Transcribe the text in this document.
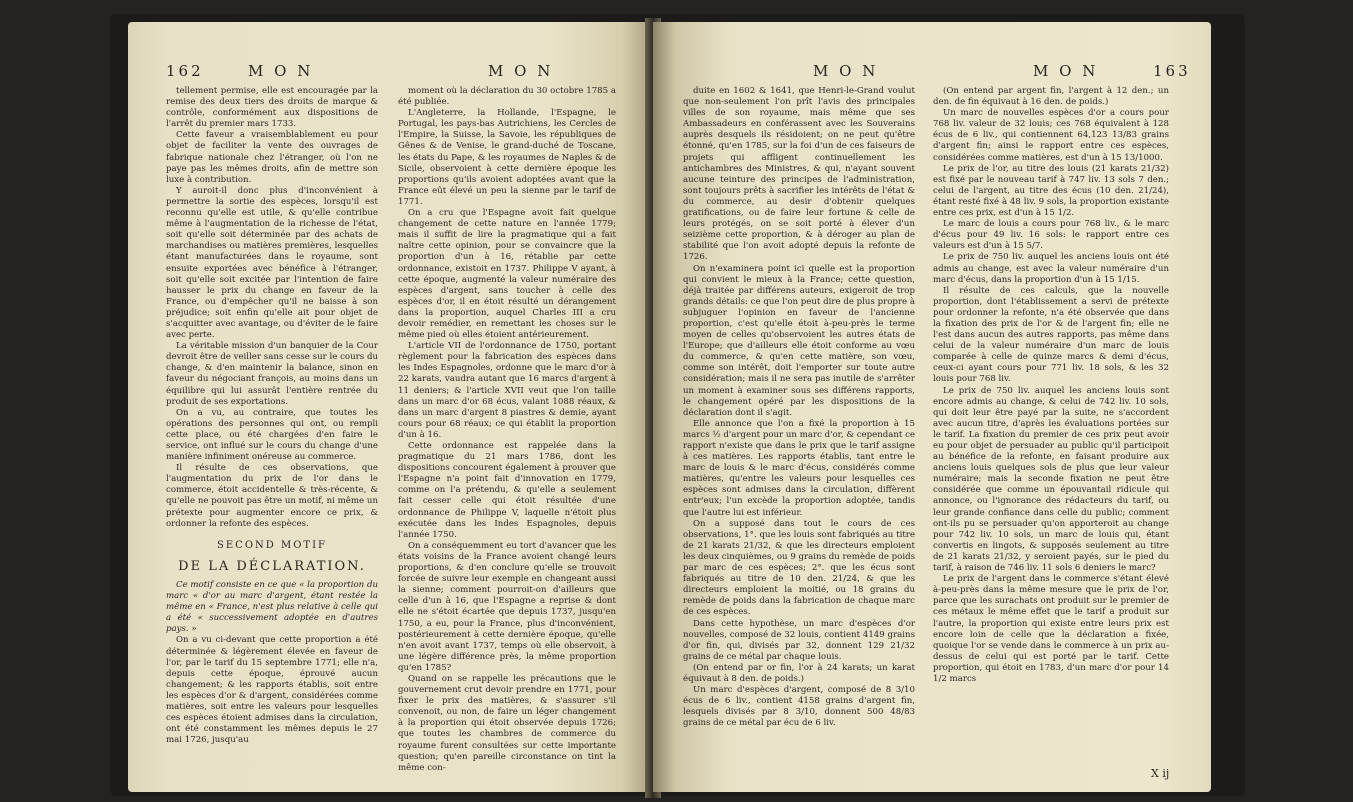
162	M O N	M O N

tellement permise, elle est encouragée par la remise des deux tiers des droits de marque & contrôle, conformément aux dispositions de l'arrêt du premier mars 1733.

Cette faveur a vraisemblablement eu pour objet de faciliter la vente des ouvrages de fabrique nationale chez l'étranger, où l'on ne paye pas les mêmes droits, afin de mettre son luxe à contribution.

Y auroit-il donc plus d'inconvénient à permettre la sortie des espèces, lorsqu'il est reconnu qu'elle est utile, & qu'elle contribue même à l'augmentation de la richesse de l'état, soit qu'elle soit déterminée par des achats de marchandises ou matières premières, lesquelles étant manufacturées dans le royaume, sont ensuite exportées avec bénéfice à l'étranger, soit qu'elle soit excitée par l'intention de faire hausser le prix du change en faveur de la France, ou d'empêcher qu'il ne baisse à son préjudice; soit enfin qu'elle ait pour objet de s'acquitter avec avantage, ou d'éviter de le faire avec perte.

La véritable mission d'un banquier de la Cour devroit être de veiller sans cesse sur le cours du change, & d'en maintenir la balance, sinon en faveur du négociant françois, au moins dans un équilibre qui lui assurât l'entière rentrée du produit de ses exportations.

On a vu, au contraire, que toutes les opérations des personnes qui ont, ou rempli cette place, ou été chargées d'en faire le service, ont influé sur le cours du change d'une manière infiniment onéreuse au commerce.

Il résulte de ces observations, que l'augmentation du prix de l'or dans le commerce, étoit accidentelle & très-récente, & qu'elle ne pouvoit pas être un motif, ni même un prétexte pour augmenter encore ce prix, & ordonner la refonte des espèces.

SECOND MOTIF

DE LA DÉCLARATION.

Ce motif consiste en ce que « la proportion du marc « d'or au marc d'argent, étant restée la même en « France, n'est plus relative à celle qui a été « successivement adoptée en d'autres pays. »

On a vu ci-devant que cette proportion a été déterminée & légèrement élevée en faveur de l'or, par le tarif du 15 septembre 1771; elle n'a, depuis cette époque, éprouvé aucun changement; & les rapports établis, soit entre les espèces d'or & d'argent, considérées comme matières, soit entre les valeurs pour lesquelles ces espèces étoient admises dans la circulation, ont été constamment les mêmes depuis le 27 mai 1726, jusqu'au

moment où la déclaration du 30 octobre 1785 a été publiée.

L'Angleterre, la Hollande, l'Espagne, le Portugal, les pays-bas Autrichiens, les Cercles de l'Empire, la Suisse, la Savoie, les républiques de Gênes & de Venise, le grand-duché de Toscane, les états du Pape, & les royaumes de Naples & de Sicile, observoient à cette dernière époque les proportions qu'ils avoient adoptées avant que la France eût élevé un peu la sienne par le tarif de 1771.

On a cru que l'Espagne avoit fait quelque changement de cette nature en l'année 1779; mais il suffit de lire la pragmatique qui a fait naître cette opinion, pour se convaincre que la proportion d'un à 16, rétablie par cette ordonnance, existoit en 1737. Philippe V ayant, à cette époque, augmenté la valeur numéraire des espèces d'argent, sans toucher à celle des espèces d'or, il en étoit résulté un dérangement dans la proportion, auquel Charles III a cru devoir remédier, en remettant les choses sur le même pied où elles étoient antérieurement.

L'article VII de l'ordonnance de 1750, portant règlement pour la fabrication des espèces dans les Indes Espagnoles, ordonne que le marc d'or à 22 karats, vaudra autant que 16 marcs d'argent à 11 deniers; & l'article XVII veut que l'on taille dans un marc d'or 68 écus, valant 1088 réaux, & dans un marc d'argent 8 piastres & demie, ayant cours pour 68 réaux; ce qui établit la proportion d'un à 16.

Cette ordonnance est rappelée dans la pragmatique du 21 mars 1786, dont les dispositions concourent également à prouver que l'Espagne n'a point fait d'innovation en 1779, comme on l'a prétendu, & qu'elle a seulement fait cesser celle qui étoit résultée d'une ordonnance de Philippe V, laquelle n'étoit plus exécutée dans les Indes Espagnoles, depuis l'année 1750.

On a conséquemment eu tort d'avancer que les états voisins de la France avoient changé leurs proportions, & d'en conclure qu'elle se trouvoit forcée de suivre leur exemple en changeant aussi la sienne; comment pourroit-on d'ailleurs que celle d'un à 16, que l'Espagne a reprise & dont elle ne s'étoit écartée que depuis 1737, jusqu'en 1750, a eu, pour la France, plus d'inconvénient, postérieurement à cette dernière époque, qu'elle n'en avoit avant 1737, temps où elle observoit, à une légère différence près, la même proportion qu'en 1785?

Quand on se rappelle les précautions que le gouvernement crut devoir prendre en 1771, pour fixer le prix des matières, & s'assurer s'il convenoit, ou non, de faire un léger changement à la proportion qui étoit observée depuis 1726; que toutes les chambres de commerce du royaume furent consultées sur cette importante question; qu'en pareille circonstance on tint la même con-

M O N	M O N	163

duite en 1602 & 1641, que Henri-le-Grand voulut que non-seulement l'on prît l'avis des principales villes de son royaume, mais même que ses Ambassadeurs en conférassent avec les Souverains auprès desquels ils résidoient; on ne peut qu'être étonné, qu'en 1785, sur la foi d'un de ces faiseurs de projets qui affligent continuellement les antichambres des Ministres, & qui, n'ayant souvent aucune teinture des principes de l'administration, sont toujours prêts à sacrifier les intérêts de l'état & du commerce, au desir d'obtenir quelques gratifications, ou de faire leur fortune & celle de leurs protégés, on se soit porté à élever d'un seizième cette proportion, & à déroger au plan de stabilité que l'on avoit adopté depuis la refonte de 1726.

On n'examinera point ici quelle est la proportion qui convient le mieux à la France; cette question, déjà traitée par différens auteurs, exigeroit de trop grands détails: ce que l'on peut dire de plus propre à subjuguer l'opinion en faveur de l'ancienne proportion, c'est qu'elle étoit à-peu-près le terme moyen de celles qu'observoient les autres états de l'Europe; que d'ailleurs elle étoit conforme au vœu du commerce, & qu'en cette matière, son vœu, comme son intérêt, doit l'emporter sur toute autre considération; mais il ne sera pas inutile de s'arrêter un moment à examiner sous ses différens rapports, le changement opéré par les dispositions de la déclaration dont il s'agit.

Elle annonce que l'on a fixé la proportion à 15 marcs ½ d'argent pour un marc d'or, & cependant ce rapport n'existe que dans le prix que le tarif assigne à ces matières. Les rapports établis, tant entre le marc de louis & le marc d'écus, considérés comme matières, qu'entre les valeurs pour lesquelles ces espèces sont admises dans la circulation, diffèrent entr'eux; l'un excède la proportion adoptée, tandis que l'autre lui est inférieur.

On a supposé dans tout le cours de ces observations, 1°. que les louis sont fabriqués au titre de 21 karats 21/32, & que les directeurs emploient les deux cinquièmes, ou 9 grains du remède de poids par marc de ces espèces; 2°. que les écus sont fabriqués au titre de 10 den. 21/24, & que les directeurs emploient la moitié, ou 18 grains du remède de poids dans la fabrication de chaque marc de ces espèces.

Dans cette hypothèse, un marc d'espèces d'or nouvelles, composé de 32 louis, contient 4149 grains d'or fin, qui, divisés par 32, donnent 129 21/32 grains de ce métal par chaque louis.

(On entend par or fin, l'or à 24 karats; un karat équivaut à 8 den. de poids.)

Un marc d'espèces d'argent, composé de 8 3/10 écus de 6 liv., contient 4158 grains d'argent fin, lesquels divisés par 8 3/10, donnent 500 48/83 grains de ce métal par écu de 6 liv.

(On entend par argent fin, l'argent à 12 den.; un den. de fin équivaut à 16 den. de poids.)

Un marc de nouvelles espèces d'or a cours pour 768 liv. valeur de 32 louis; ces 768 équivalent à 128 écus de 6 liv., qui contiennent 64,123 13/83 grains d'argent fin; ainsi le rapport entre ces espèces, considérées comme matières, est d'un à 15 13/1000.

Le prix de l'or, au titre des louis (21 karats 21/32) est fixé par le nouveau tarif à 747 liv. 13 sols 7 den.; celui de l'argent, au titre des écus (10 den. 21/24), étant resté fixé à 48 liv. 9 sols, la proportion existante entre ces prix, est d'un à 15 1/2.

Le marc de louis a cours pour 768 liv., & le marc d'écus pour 49 liv. 16 sols: le rapport entre ces valeurs est d'un à 15 5/7.

Le prix de 750 liv. auquel les anciens louis ont été admis au change, est avec la valeur numéraire d'un marc d'écus, dans la proportion d'un à 15 1/15.

Il résulte de ces calculs, que la nouvelle proportion, dont l'établissement a servi de prétexte pour ordonner la refonte, n'a été observée que dans la fixation des prix de l'or & de l'argent fin; elle ne l'est dans aucun des autres rapports, pas même dans celui de la valeur numéraire d'un marc de louis comparée à celle de quinze marcs & demi d'écus, ceux-ci ayant cours pour 771 liv. 18 sols, & les 32 louis pour 768 liv.

Le prix de 750 liv. auquel les anciens louis sont encore admis au change, & celui de 742 liv. 10 sols, qui doit leur être payé par la suite, ne s'accordent avec aucun titre, d'après les évaluations portées sur le tarif. La fixation du premier de ces prix peut avoir eu pour objet de persuader au public qu'il participoit au bénéfice de la refonte, en faisant produire aux anciens louis quelques sols de plus que leur valeur numéraire; mais la seconde fixation ne peut être considérée que comme un épouvantail ridicule qui annonce, ou l'ignorance des rédacteurs du tarif, ou leur grande confiance dans celle du public; comment ont-ils pu se persuader qu'on apporteroit au change pour 742 liv. 10 sols, un marc de louis qui, étant convertis en lingots, & supposés seulement au titre de 21 karats 21/32, y seroient payés, sur le pied du tarif, à raison de 746 liv. 11 sols 6 deniers le marc?

Le prix de l'argent dans le commerce s'étant élevé à-peu-près dans la même mesure que le prix de l'or, parce que les surachats ont produit sur le premier de ces métaux le même effet que le tarif a produit sur l'autre, la proportion qui existe entre leurs prix est encore loin de celle que la déclaration a fixée, quoique l'or se vende dans le commerce à un prix au-dessus de celui qui est porté par le tarif. Cette proportion, qui étoit en 1783, d'un marc d'or pour 14 1/2 marcs

X ij
